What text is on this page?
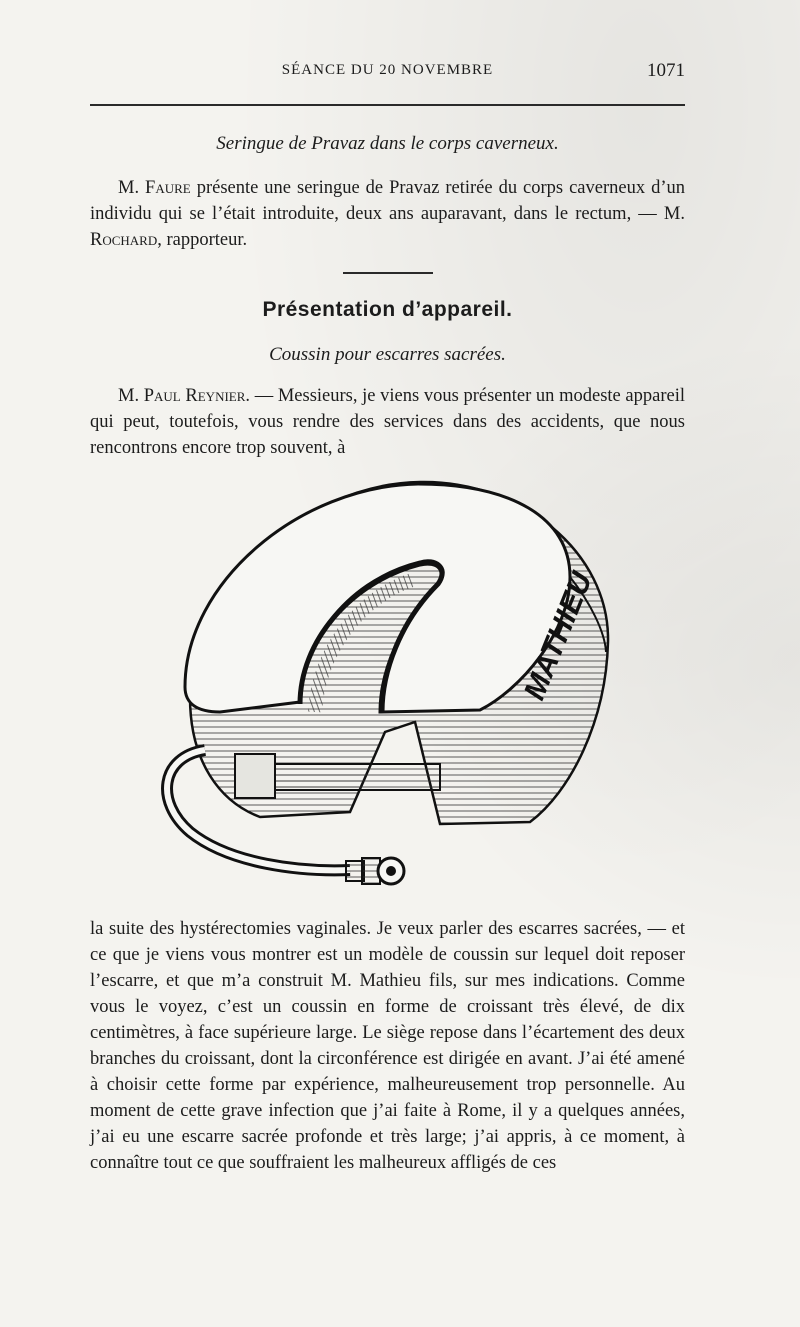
SÉANCE DU 20 NOVEMBRE	1071
Seringue de Pravaz dans le corps caverneux.

M. Faure présente une seringue de Pravaz retirée du corps caverneux d’un individu qui se l’était introduite, deux ans auparavant, dans le rectum, — M. Rochard, rapporteur.

Présentation d’appareil.
Coussin pour escarres sacrées.

M. Paul Reynier. — Messieurs, je viens vous présenter un modeste appareil qui peut, toutefois, vous rendre des services dans des accidents, que nous rencontrons encore trop souvent, à

MATHIEU

la suite des hystérectomies vaginales. Je veux parler des escarres sacrées, — et ce que je viens vous montrer est un modèle de coussin sur lequel doit reposer l’escarre, et que m’a construit M. Mathieu fils, sur mes indications. Comme vous le voyez, c’est un coussin en forme de croissant très élevé, de dix centimètres, à face supérieure large. Le siège repose dans l’écartement des deux branches du croissant, dont la circonférence est dirigée en avant. J’ai été amené à choisir cette forme par expérience, malheureusement trop personnelle. Au moment de cette grave infection que j’ai faite à Rome, il y a quelques années, j’ai eu une escarre sacrée profonde et très large; j’ai appris, à ce moment, à connaître tout ce que souffraient les malheureux affligés de ces
